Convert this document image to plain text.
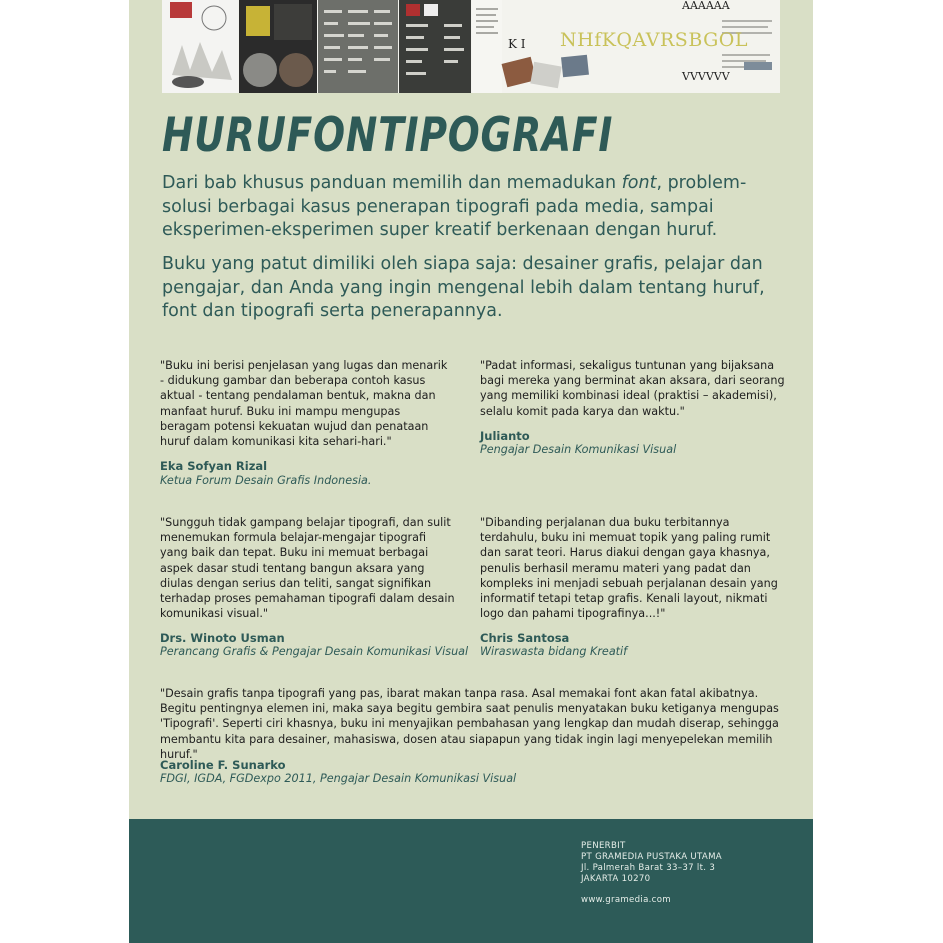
AAAAAA
K I NHfKQAVRSBGOL
VVVVVV
HURUFONTIPOGRAFI

Dari bab khusus panduan memilih dan memadukan font, problem-solusi berbagai kasus penerapan tipografi pada media, sampai eksperimen-eksperimen super kreatif berkenaan dengan huruf.

Buku yang patut dimiliki oleh siapa saja: desainer grafis, pelajar dan pengajar, dan Anda yang ingin mengenal lebih dalam tentang huruf, font dan tipografi serta penerapannya.

"Buku ini berisi penjelasan yang lugas dan menarik - didukung gambar dan beberapa contoh kasus aktual - tentang pendalaman bentuk, makna dan manfaat huruf. Buku ini mampu mengupas beragam potensi kekuatan wujud dan penataan huruf dalam komunikasi kita sehari-hari."

Eka Sofyan Rizal
Ketua Forum Desain Grafis Indonesia.

"Padat informasi, sekaligus tuntunan yang bijaksana bagi mereka yang berminat akan aksara, dari seorang yang memiliki kombinasi ideal (praktisi – akademisi), selalu komit pada karya dan waktu."

Julianto
Pengajar Desain Komunikasi Visual

"Sungguh tidak gampang belajar tipografi, dan sulit menemukan formula belajar-mengajar tipografi yang baik dan tepat. Buku ini memuat berbagai aspek dasar studi tentang bangun aksara yang diulas dengan serius dan teliti, sangat signifikan terhadap proses pemahaman tipografi dalam desain komunikasi visual."

Drs. Winoto Usman
Perancang Grafis & Pengajar Desain Komunikasi Visual

"Dibanding perjalanan dua buku terbitannya terdahulu, buku ini memuat topik yang paling rumit dan sarat teori. Harus diakui dengan gaya khasnya, penulis berhasil meramu materi yang padat dan kompleks ini menjadi sebuah perjalanan desain yang informatif tetapi tetap grafis. Kenali layout, nikmati logo dan pahami tipografinya...!"

Chris Santosa
Wiraswasta bidang Kreatif

"Desain grafis tanpa tipografi yang pas, ibarat makan tanpa rasa. Asal memakai font akan fatal akibatnya. Begitu pentingnya elemen ini, maka saya begitu gembira saat penulis menyatakan buku ketiganya mengupas 'Tipografi'. Seperti ciri khasnya, buku ini menyajikan pembahasan yang lengkap dan mudah diserap, sehingga membantu kita para desainer, mahasiswa, dosen atau siapapun yang tidak ingin lagi menyepelekan memilih huruf."

Caroline F. Sunarko
FDGI, IGDA, FGDexpo 2011, Pengajar Desain Komunikasi Visual
PENERBIT
PT GRAMEDIA PUSTAKA UTAMA
Jl. Palmerah Barat 33–37 lt. 3
JAKARTA 10270
www.gramedia.com
